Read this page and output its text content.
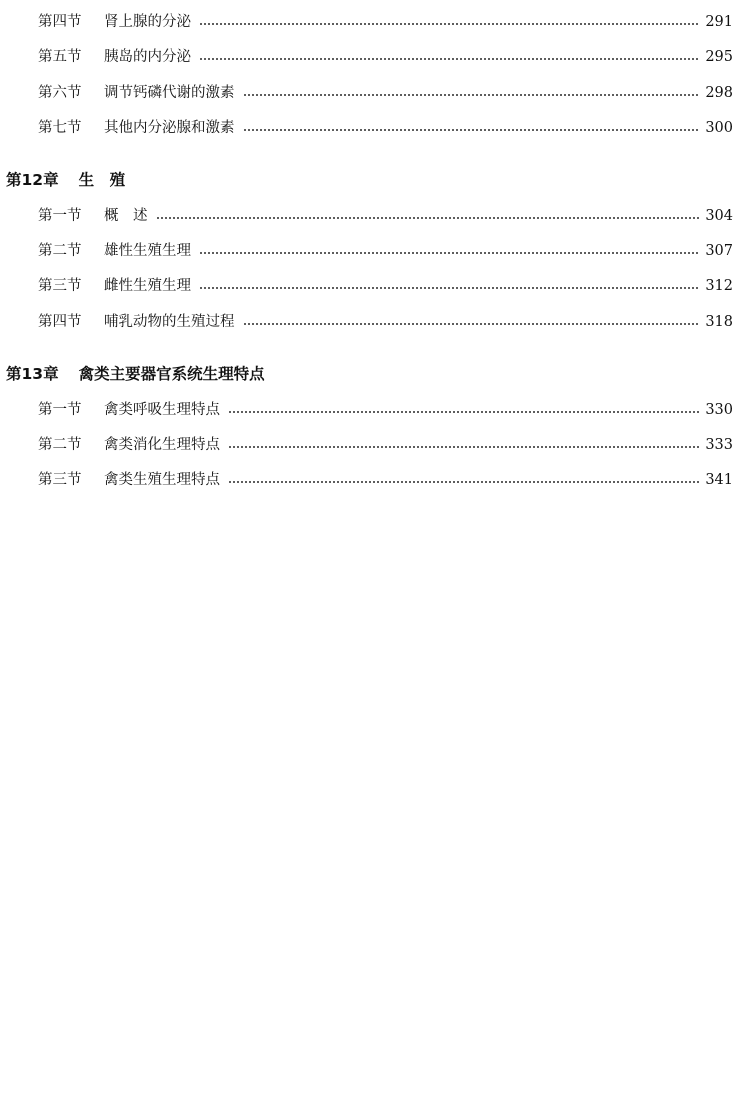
第四节	肾上腺的分泌	291
第五节	胰岛的内分泌	295
第六节	调节钙磷代谢的激素	298
第七节	其他内分泌腺和激素	300
第12章 生　殖
第一节	概　述	304
第二节	雄性生殖生理	307
第三节	雌性生殖生理	312
第四节	哺乳动物的生殖过程	318
第13章 禽类主要器官系统生理特点
第一节	禽类呼吸生理特点	330
第二节	禽类消化生理特点	333
第三节	禽类生殖生理特点	341
